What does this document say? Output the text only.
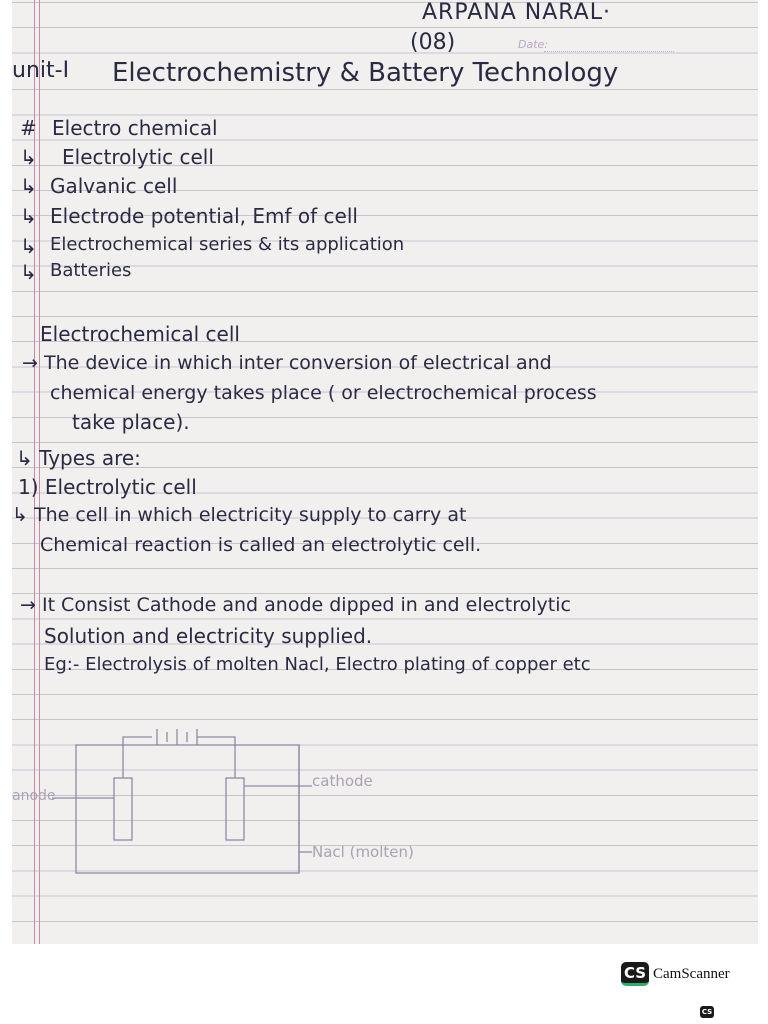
ARPANA NARAL·
(08)	Date:
unit-I Electrochemistry & Battery Technology
# Electro chemical
↳ Electrolytic cell
↳ Galvanic cell
↳ Electrode potential, Emf of cell
↳ Electrochemical series & its application
↳ Batteries
Electrochemical cell
→ The device in which inter conversion of electrical and
chemical energy takes place ( or electrochemical process
take place).
↳ Types are:
1) Electrolytic cell
↳ The cell in which electricity supply to carry at
Chemical reaction is called an electrolytic cell.
→ It Consist Cathode and anode dipped in and electrolytic
Solution and electricity supplied.
Eg:- Electrolysis of molten Nacl, Electro plating of copper etc
anode
cathode
Nacl (molten)
CS CamScanner
CS
